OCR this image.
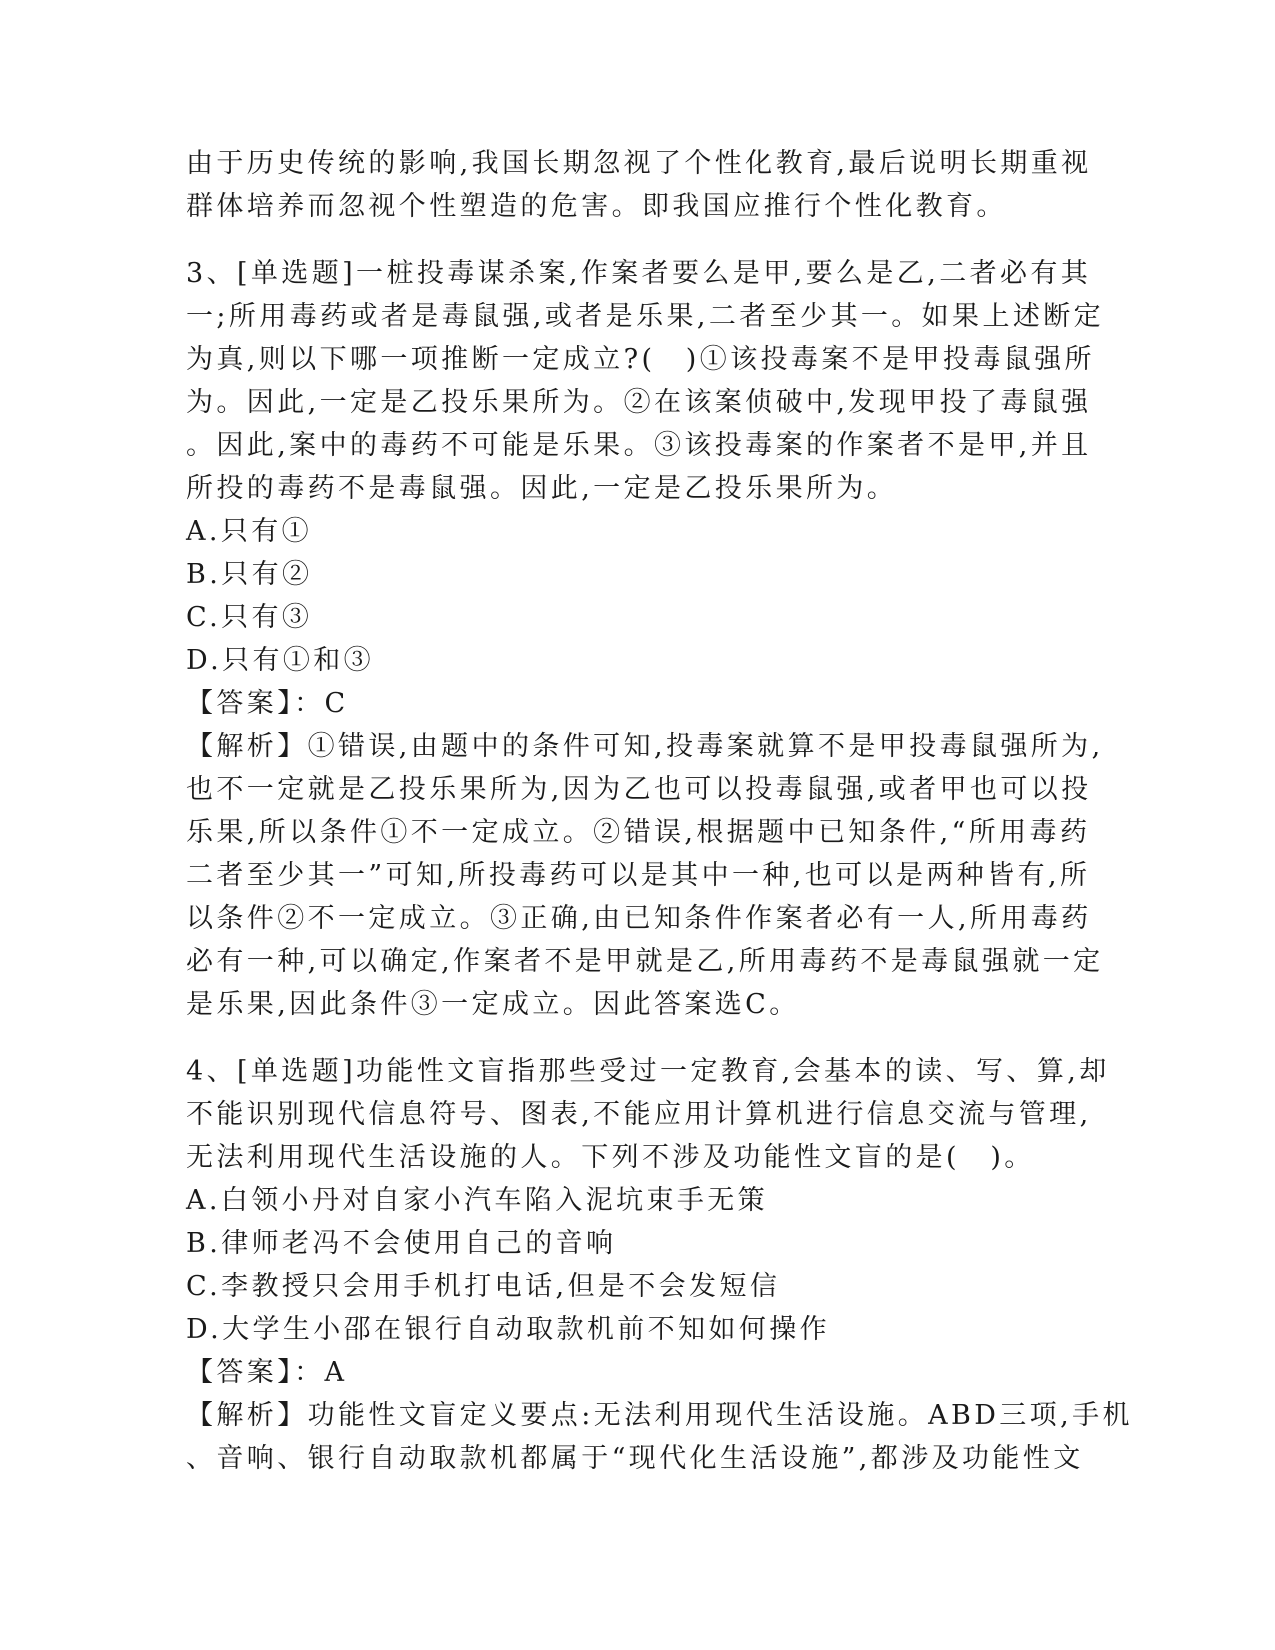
由于历史传统的影响,我国长期忽视了个性化教育,最后说明长期重视
群体培养而忽视个性塑造的危害。即我国应推行个性化教育。
3、[单选题]一桩投毒谋杀案,作案者要么是甲,要么是乙,二者必有其
一;所用毒药或者是毒鼠强,或者是乐果,二者至少其一。如果上述断定
为真,则以下哪一项推断一定成立?(　)①该投毒案不是甲投毒鼠强所
为。因此,一定是乙投乐果所为。②在该案侦破中,发现甲投了毒鼠强
。因此,案中的毒药不可能是乐果。③该投毒案的作案者不是甲,并且
所投的毒药不是毒鼠强。因此,一定是乙投乐果所为。
A.只有①
B.只有②
C.只有③
D.只有①和③
【答案】：C
【解析】①错误,由题中的条件可知,投毒案就算不是甲投毒鼠强所为,
也不一定就是乙投乐果所为,因为乙也可以投毒鼠强,或者甲也可以投
乐果,所以条件①不一定成立。②错误,根据题中已知条件,“所用毒药
二者至少其一”可知,所投毒药可以是其中一种,也可以是两种皆有,所
以条件②不一定成立。③正确,由已知条件作案者必有一人,所用毒药
必有一种,可以确定,作案者不是甲就是乙,所用毒药不是毒鼠强就一定
是乐果,因此条件③一定成立。因此答案选C。
4、[单选题]功能性文盲指那些受过一定教育,会基本的读、写、算,却
不能识别现代信息符号、图表,不能应用计算机进行信息交流与管理,
无法利用现代生活设施的人。下列不涉及功能性文盲的是(　)。
A.白领小丹对自家小汽车陷入泥坑束手无策
B.律师老冯不会使用自己的音响
C.李教授只会用手机打电话,但是不会发短信
D.大学生小邵在银行自动取款机前不知如何操作
【答案】：A
【解析】功能性文盲定义要点:无法利用现代生活设施。ABD三项,手机
、音响、银行自动取款机都属于“现代化生活设施”,都涉及功能性文
